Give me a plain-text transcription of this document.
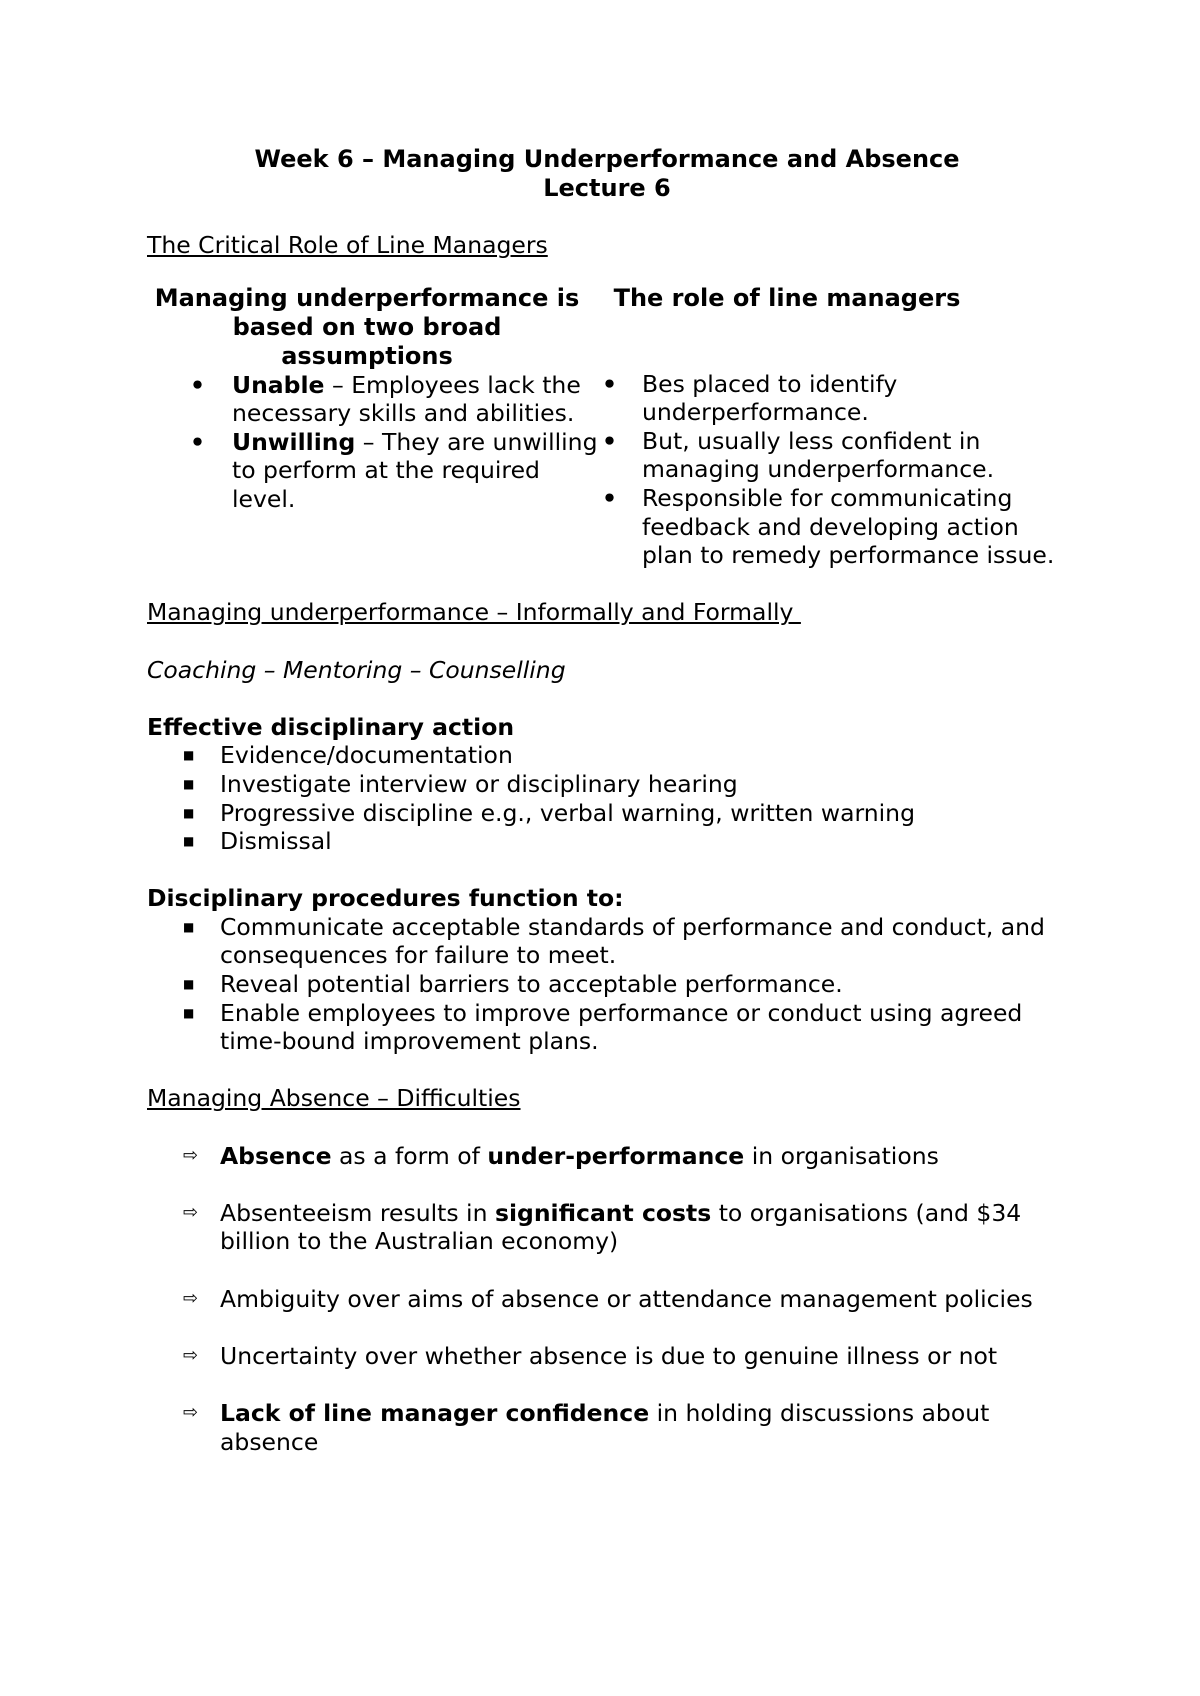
Week 6 – Managing Underperformance and Absence
Lecture 6
The Critical Role of Line Managers
Managing underperformance is based on two broad assumptions
• Unable – Employees lack the necessary skills and abilities.
• Unwilling – They are unwilling to perform at the required level.
The role of line managers
• Bes placed to identify underperformance.
• But, usually less confident in managing underperformance.
• Responsible for communicating feedback and developing action plan to remedy performance issue.
Managing underperformance – Informally and Formally
Coaching – Mentoring – Counselling
Effective disciplinary action
■ Evidence/documentation
■ Investigate interview or disciplinary hearing
■ Progressive discipline e.g., verbal warning, written warning
■ Dismissal
Disciplinary procedures function to:
■ Communicate acceptable standards of performance and conduct, and consequences for failure to meet.
■ Reveal potential barriers to acceptable performance.
■ Enable employees to improve performance or conduct using agreed time-bound improvement plans.
Managing Absence – Difficulties
⇨ Absence as a form of under-performance in organisations
⇨ Absenteeism results in significant costs to organisations (and $34 billion to the Australian economy)
⇨ Ambiguity over aims of absence or attendance management policies
⇨ Uncertainty over whether absence is due to genuine illness or not
⇨ Lack of line manager confidence in holding discussions about absence
